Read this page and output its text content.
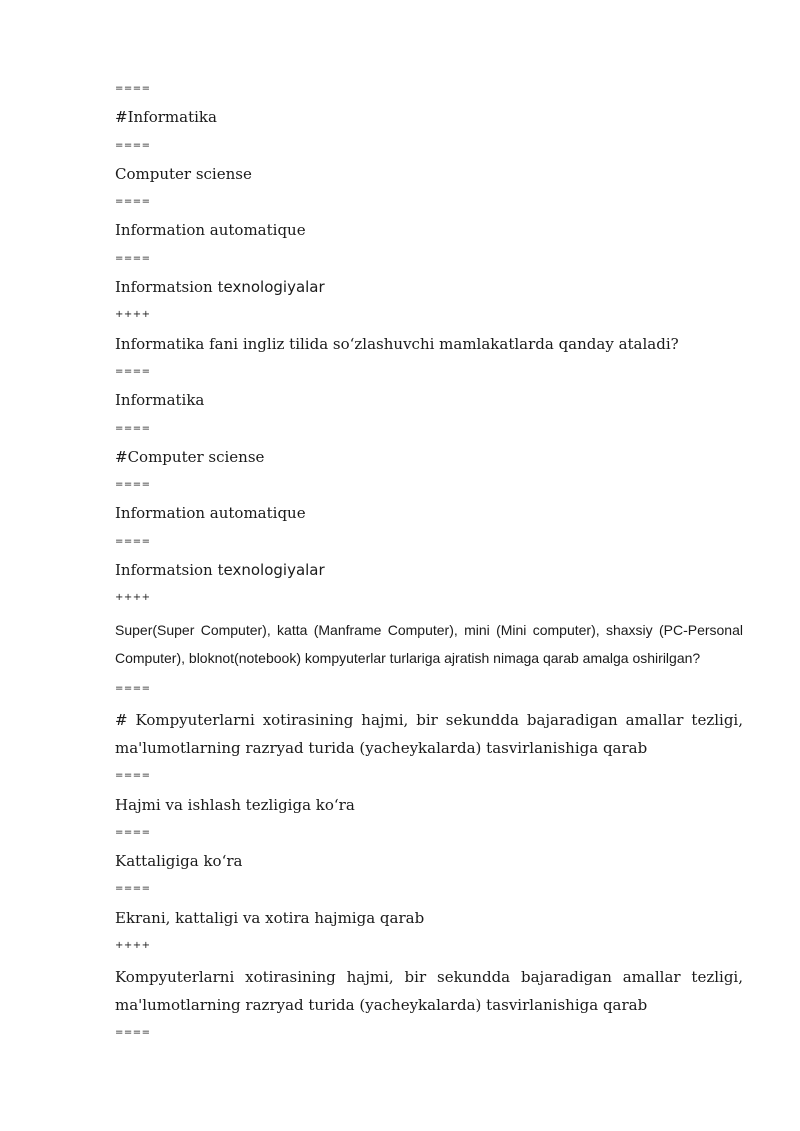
====
#Informatika
====
Computer sciense
====
Information automatique
====
Informatsion texnologiyalar
++++
Informatika fani ingliz tilida so‘zlashuvchi mamlakatlarda qanday ataladi?
====
Informatika
====
#Computer sciense
====
Information automatique
====
Informatsion texnologiyalar
++++
Super(Super Computer), katta (Manframe Computer), mini (Mini computer), shaxsiy (PC-Personal Computer), bloknot(notebook) kompyuterlar turlariga ajratish nimaga qarab amalga oshirilgan?
====
# Kompyuterlarni xotirasining hajmi, bir sekundda bajaradigan amallar tezligi, ma'lumotlarning razryad turida (yacheykalarda) tasvirlanishiga qarab
====
Hajmi va ishlash tezligiga ko‘ra
====
Kattaligiga ko‘ra
====
Ekrani, kattaligi va xotira hajmiga qarab
++++
Kompyuterlarni xotirasining hajmi, bir sekundda bajaradigan amallar tezligi, ma'lumotlarning razryad turida (yacheykalarda) tasvirlanishiga qarab
====
